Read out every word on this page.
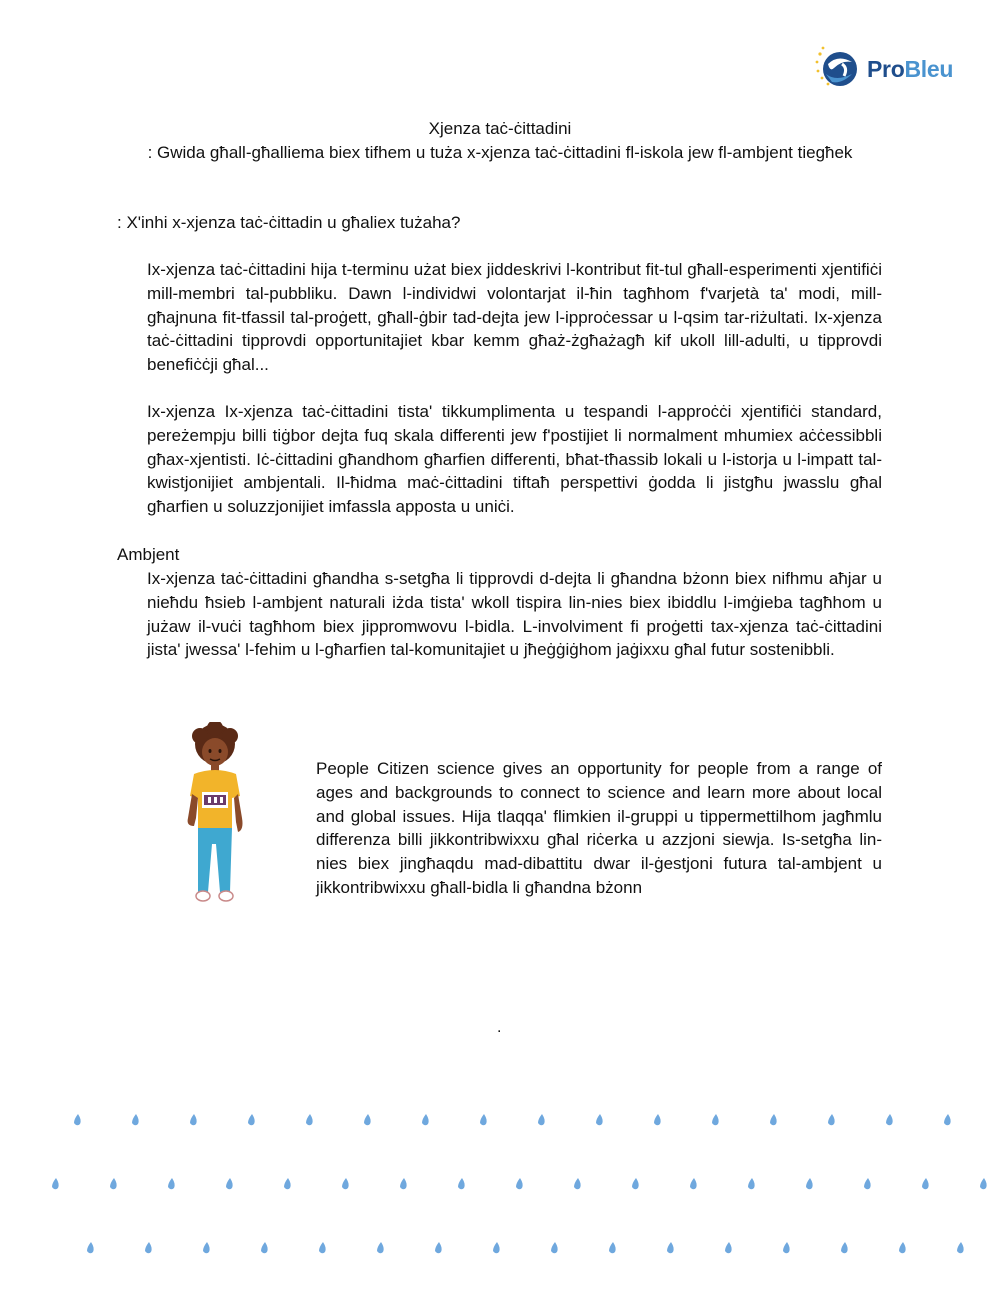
ProBleu
Xjenza taċ-ċittadini
: Gwida għall-għalliema biex tifhem u tuża x-xjenza taċ-ċittadini fl-iskola jew fl-ambjent tiegħek
: X'inhi x-xjenza taċ-ċittadin u għaliex tużaha?

Ix-xjenza taċ-ċittadini hija t-terminu użat biex jiddeskrivi l-kontribut fit-tul għall-esperimenti xjentifiċi mill-membri tal-pubbliku. Dawn l-individwi volontarjat il-ħin tagħhom f'varjetà ta' modi, mill-għajnuna fit-tfassil tal-proġett, għall-ġbir tad-dejta jew l-ipproċessar u l-qsim tar-riżultati. Ix-xjenza taċ-ċittadini tipprovdi opportunitajiet kbar kemm għaż-żgħażagħ kif ukoll lill-adulti, u tipprovdi benefiċċji għal...

Ix-xjenza Ix-xjenza taċ-ċittadini tista' tikkumplimenta u tespandi l-approċċi xjentifiċi standard, pereżempju billi tiġbor dejta fuq skala differenti jew f'postijiet li normalment mhumiex aċċessibbli għax-xjentisti. Iċ-ċittadini għandhom għarfien differenti, bħat-tħassib lokali u l-istorja u l-impatt tal-kwistjonijiet ambjentali. Il-ħidma maċ-ċittadini tiftaħ perspettivi ġodda li jistgħu jwasslu għal għarfien u soluzzjonijiet imfassla apposta u uniċi.

Ambjent

Ix-xjenza taċ-ċittadini għandha s-setgħa li tipprovdi d-dejta li għandna bżonn biex nifhmu aħjar u nieħdu ħsieb l-ambjent naturali iżda tista' wkoll tispira lin-nies biex ibiddlu l-imġieba tagħhom u jużaw il-vuċi tagħhom biex jippromwovu l-bidla. L-involviment fi proġetti tax-xjenza taċ-ċittadini jista' jwessa' l-fehim u l-għarfien tal-komunitajiet u jħeġġiġhom jaġixxu għal futur sostenibbli.

People Citizen science gives an opportunity for people from a range of ages and backgrounds to connect to science and learn more about local and global issues. Hija tlaqqa' flimkien il-gruppi u tippermettilhom jagħmlu differenza billi jikkontribwixxu għal riċerka u azzjoni siewja. Is-setgħa lin-nies biex jingħaqdu mad-dibattitu dwar il-ġestjoni futura tal-ambjent u jikkontribwixxu għall-bidla li għandna bżonn

.
